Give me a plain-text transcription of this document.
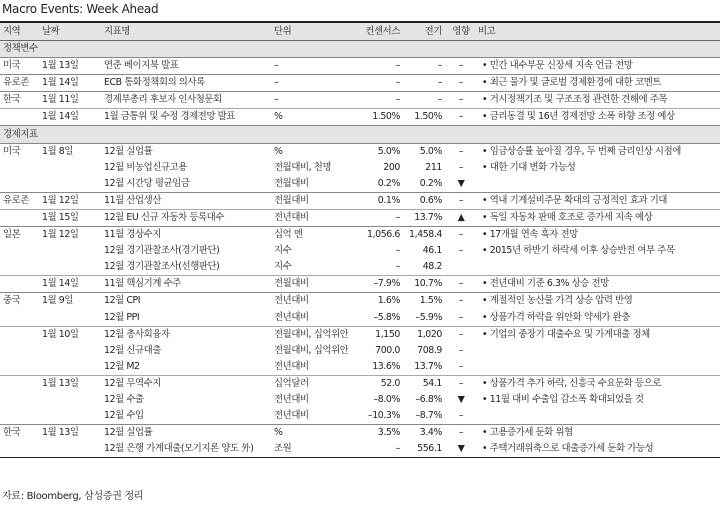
Macro Events: Week Ahead
지역	날짜	지표명	단위	컨센서스	전기	영향	비고
정책변수							
미국	1월 13일	연준 베이지북 발표	–	–	–	–	• 민간 내수부문 신장세 지속 언급 전망
유로존	1월 14일	ECB 통화정책회의 의사록	–	–	–	–	• 최근 물가 및 글로벌 경제환경에 대한 코멘트
한국	1월 11일	경제부총리 후보자 인사청문회	–	–	–	–	• 거시정책기조 및 구조조정 관련한 견해에 주목
	1월 14일	1월 금통위 및 수정 경제전망 발표	%	1.50%	1.50%	–	• 금리동결 및 16년 경제전망 소폭 하향 조정 예상
경제지표							
미국	1월 8일	12월 실업률	%	5.0%	5.0%	–	• 임금상승률 높아질 경우, 두 번째 금리인상 시점에
		12월 비농업신규고용	전월대비, 천명	200	211	–	• 대한 기대 변화 가능성
		12월 시간당 평균임금	전월대비	0.2%	0.2%	▼	
유로존	1월 12일	11월 산업생산	전월대비	0.1%	0.6%	–	• 역내 기계설비주문 확대의 긍정적인 효과 기대
	1월 15일	12월 EU 신규 자동차 등록대수	전년대비	–	13.7%	▲	• 독일 자동차 판매 호조로 증가세 지속 예상
일본	1월 12일	11월 경상수지	십억 엔	1,056.6	1,458.4	–	• 17개월 연속 흑자 전망
		12월 경기관찰조사(경기판단)	지수	–	46.1	–	• 2015년 하반기 하락세 이후 상승반전 여부 주목
		12월 경기관찰조사(선행판단)	지수	–	48.2		
	1월 14일	11월 핵심기계 수주	전월대비	–7.9%	10.7%	–	• 전년대비 기준 6.3% 상승 전망
중국	1월 9일	12월 CPI	전년대비	1.6%	1.5%	–	• 계절적인 농산물 가격 상승 압력 반영
		12월 PPI	전년대비	–5.8%	–5.9%	–	• 상품가격 하락을 위안화 약세가 완충
	1월 10일	12월 총사회융자	전월대비, 십억위안	1,150	1,020	–	• 기업의 중장기 대출수요 및 가계대출 정체
		12월 신규대출	전월대비, 십억위안	700.0	708.9	–	
		12월 M2	전년대비	13.6%	13.7%	–	
	1월 13일	12월 무역수지	십억달러	52.0	54.1	–	• 상품가격 추가 하락, 신흥국 수요둔화 등으로
		12월 수출	전년대비	–8.0%	–6.8%	▼	• 11월 대비 수출입 감소폭 확대되었을 것
		12월 수입	전년대비	–10.3%	–8.7%	–	
한국	1월 13일	12월 실업률	%	3.5%	3.4%	–	• 고용증가세 둔화 위협
		12월 은행 가계대출(모기지론 양도 外)	조원	–	556.1	▼	• 주택거래위축으로 대출증가세 둔화 가능성
자료: Bloomberg, 삼성증권 정리
